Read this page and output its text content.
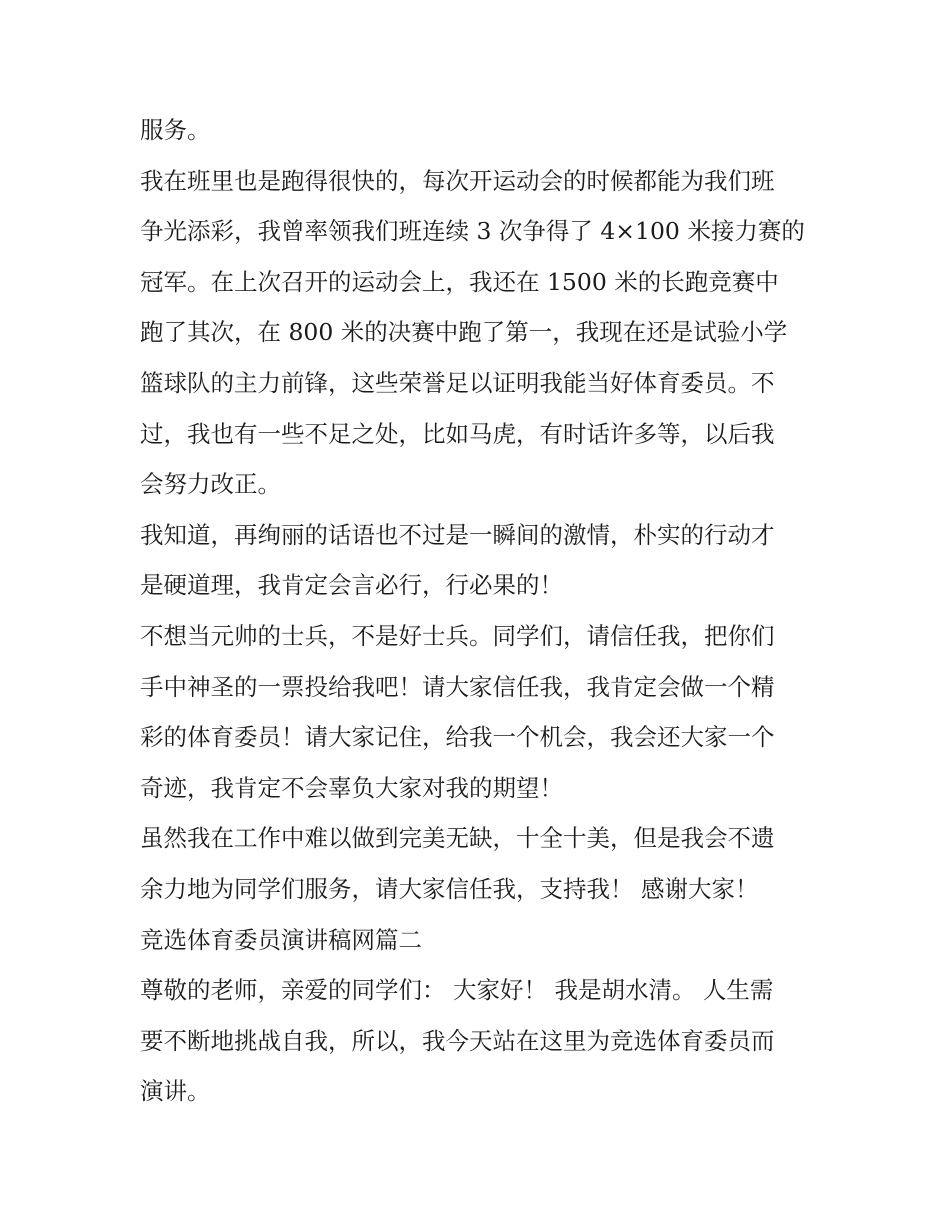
服务。
我在班里也是跑得很快的，每次开运动会的时候都能为我们班
争光添彩，我曾率领我们班连续 3 次争得了 4×100 米接力赛的
冠军。在上次召开的运动会上，我还在 1500 米的长跑竞赛中
跑了其次，在 800 米的决赛中跑了第一，我现在还是试验小学
篮球队的主力前锋，这些荣誉足以证明我能当好体育委员。不
过，我也有一些不足之处，比如马虎，有时话许多等，以后我
会努力改正。
我知道，再绚丽的话语也不过是一瞬间的激情，朴实的行动才
是硬道理，我肯定会言必行，行必果的！
不想当元帅的士兵，不是好士兵。同学们，请信任我，把你们
手中神圣的一票投给我吧！请大家信任我，我肯定会做一个精
彩的体育委员！请大家记住，给我一个机会，我会还大家一个
奇迹，我肯定不会辜负大家对我的期望！
虽然我在工作中难以做到完美无缺，十全十美，但是我会不遗
余力地为同学们服务，请大家信任我，支持我！ 感谢大家！
竞选体育委员演讲稿网篇二
尊敬的老师，亲爱的同学们： 大家好！ 我是胡水清。 人生需
要不断地挑战自我，所以，我今天站在这里为竞选体育委员而
演讲。
